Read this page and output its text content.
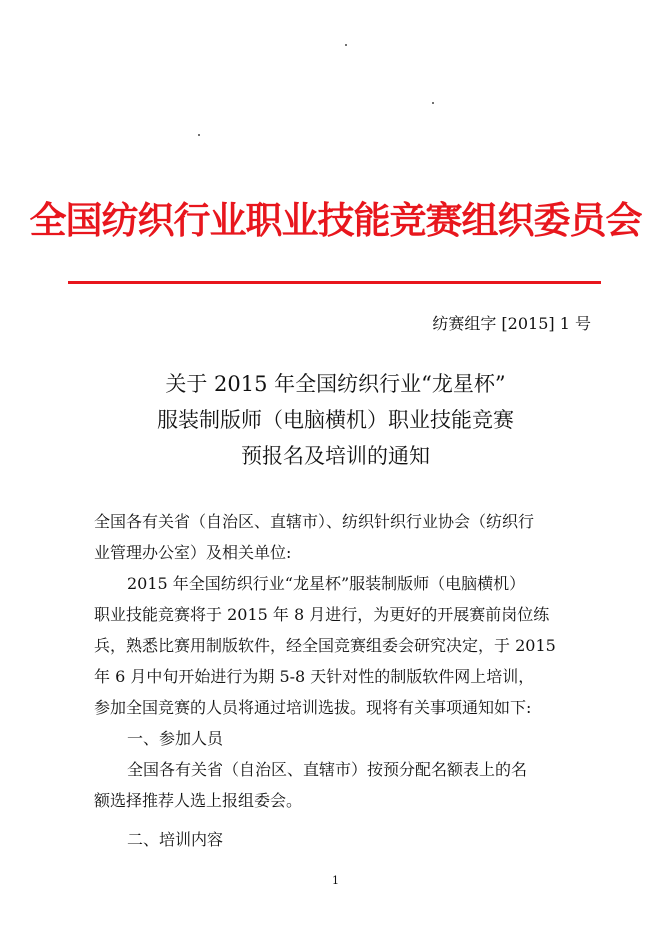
全国纺织行业职业技能竞赛组织委员会
纺赛组字 [2015] 1 号
关于 2015 年全国纺织行业“龙星杯”
服装制版师（电脑横机）职业技能竞赛
预报名及培训的通知

全国各有关省（自治区、直辖市）、纺织针织行业协会（纺织行

业管理办公室）及相关单位:

2015 年全国纺织行业“龙星杯”服装制版师（电脑横机）

职业技能竞赛将于 2015 年 8 月进行，为更好的开展赛前岗位练

兵，熟悉比赛用制版软件，经全国竞赛组委会研究决定，于 2015

年 6 月中旬开始进行为期 5-8 天针对性的制版软件网上培训，

参加全国竞赛的人员将通过培训选拔。现将有关事项通知如下:

一、参加人员

全国各有关省（自治区、直辖市）按预分配名额表上的名

额选择推荐人选上报组委会。

二、培训内容

1
